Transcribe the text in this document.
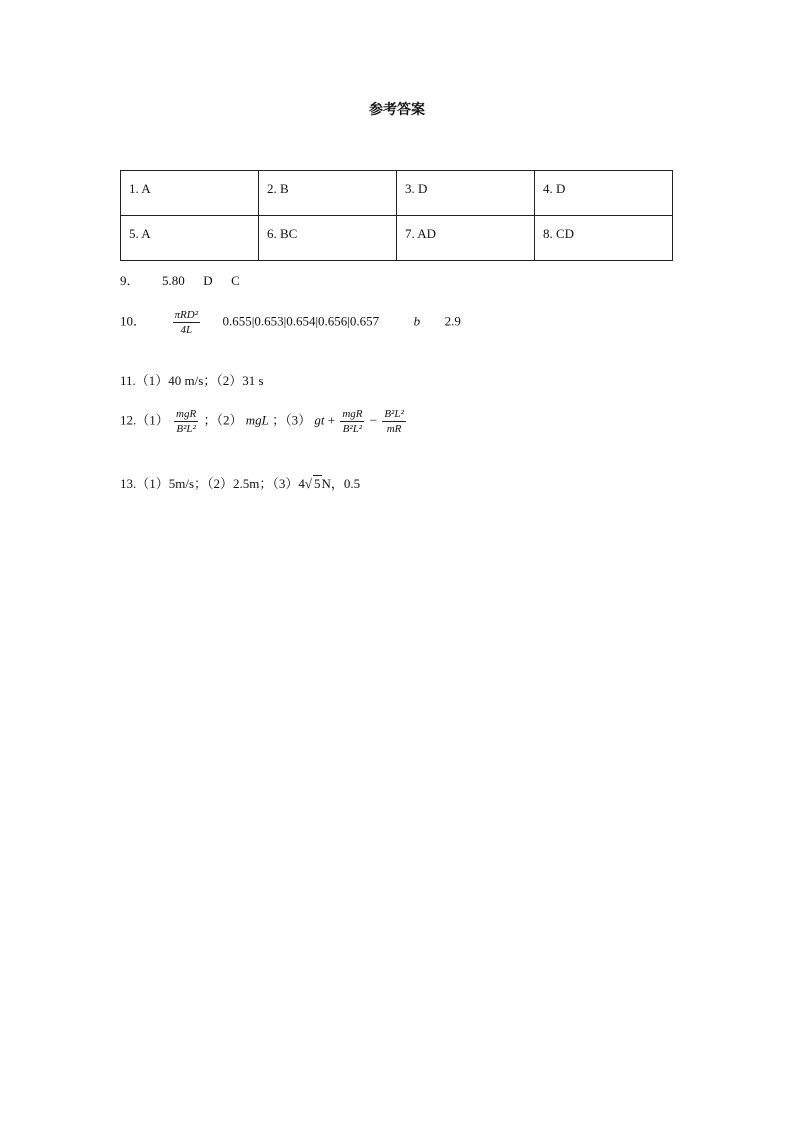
参考答案
1. A	2. B	3. D	4. D
5. A	6. BC	7. AD	8. CD
9． 5.80 D C
10． $\frac{\text{πRD²}}{4L} 0.655|0.653|0.654|0.656|0.657$	b 2.9
11.（1）40 m/s；（2）31 s
$12.(1) \frac{\text{mgR}}{\text{B²L²}}$ ；（2） mgL ；（3） gt + $\frac{\text{mgR}}{\text{B²L²}} - \frac{\text{B²L²}}{mR}$
13.（1）5m/s；（2）2.5m；（3）4√ 5N，0.5
